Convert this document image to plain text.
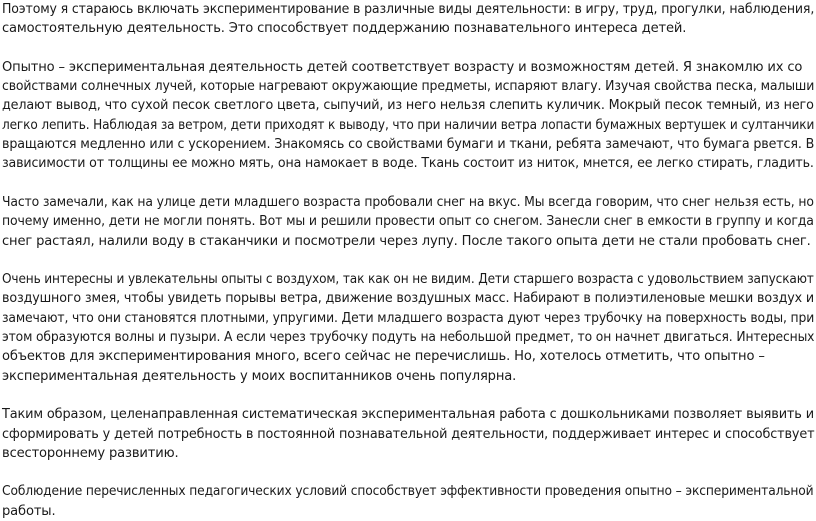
Поэтому я стараюсь включать экспериментирование в различные виды деятельности: в игру, труд, прогулки, наблюдения,
самостоятельную деятельность. Это способствует поддержанию познавательного интереса детей.

Опытно – экспериментальная деятельность детей соответствует возрасту и возможностям детей. Я знакомлю их со
свойствами солнечных лучей, которые нагревают окружающие предметы, испаряют влагу. Изучая свойства песка, малыши
делают вывод, что сухой песок светлого цвета, сыпучий, из него нельзя слепить куличик. Мокрый песок темный, из него
легко лепить. Наблюдая за ветром, дети приходят к выводу, что при наличии ветра лопасти бумажных вертушек и султанчики
вращаются медленно или с ускорением. Знакомясь со свойствами бумаги и ткани, ребята замечают, что бумага рвется. В
зависимости от толщины ее можно мять, она намокает в воде. Ткань состоит из ниток, мнется, ее легко стирать, гладить.

Часто замечали, как на улице дети младшего возраста пробовали снег на вкус. Мы всегда говорим, что снег нельзя есть, но
почему именно, дети не могли понять. Вот мы и решили провести опыт со снегом. Занесли снег в емкости в группу и когда
снег растаял, налили воду в стаканчики и посмотрели через лупу. После такого опыта дети не стали пробовать снег.

Очень интересны и увлекательны опыты с воздухом, так как он не видим. Дети старшего возраста с удовольствием запускают
воздушного змея, чтобы увидеть порывы ветра, движение воздушных масс. Набирают в полиэтиленовые мешки воздух и
замечают, что они становятся плотными, упругими. Дети младшего возраста дуют через трубочку на поверхность воды, при
этом образуются волны и пузыри. А если через трубочку подуть на небольшой предмет, то он начнет двигаться. Интересных
объектов для экспериментирования много, всего сейчас не перечислишь. Но, хотелось отметить, что опытно –
экспериментальная деятельность у моих воспитанников очень популярна.

Таким образом, целенаправленная систематическая экспериментальная работа с дошкольниками позволяет выявить и
сформировать у детей потребность в постоянной познавательной деятельности, поддерживает интерес и способствует
всестороннему развитию.

Соблюдение перечисленных педагогических условий способствует эффективности проведения опытно – экспериментальной
работы.
